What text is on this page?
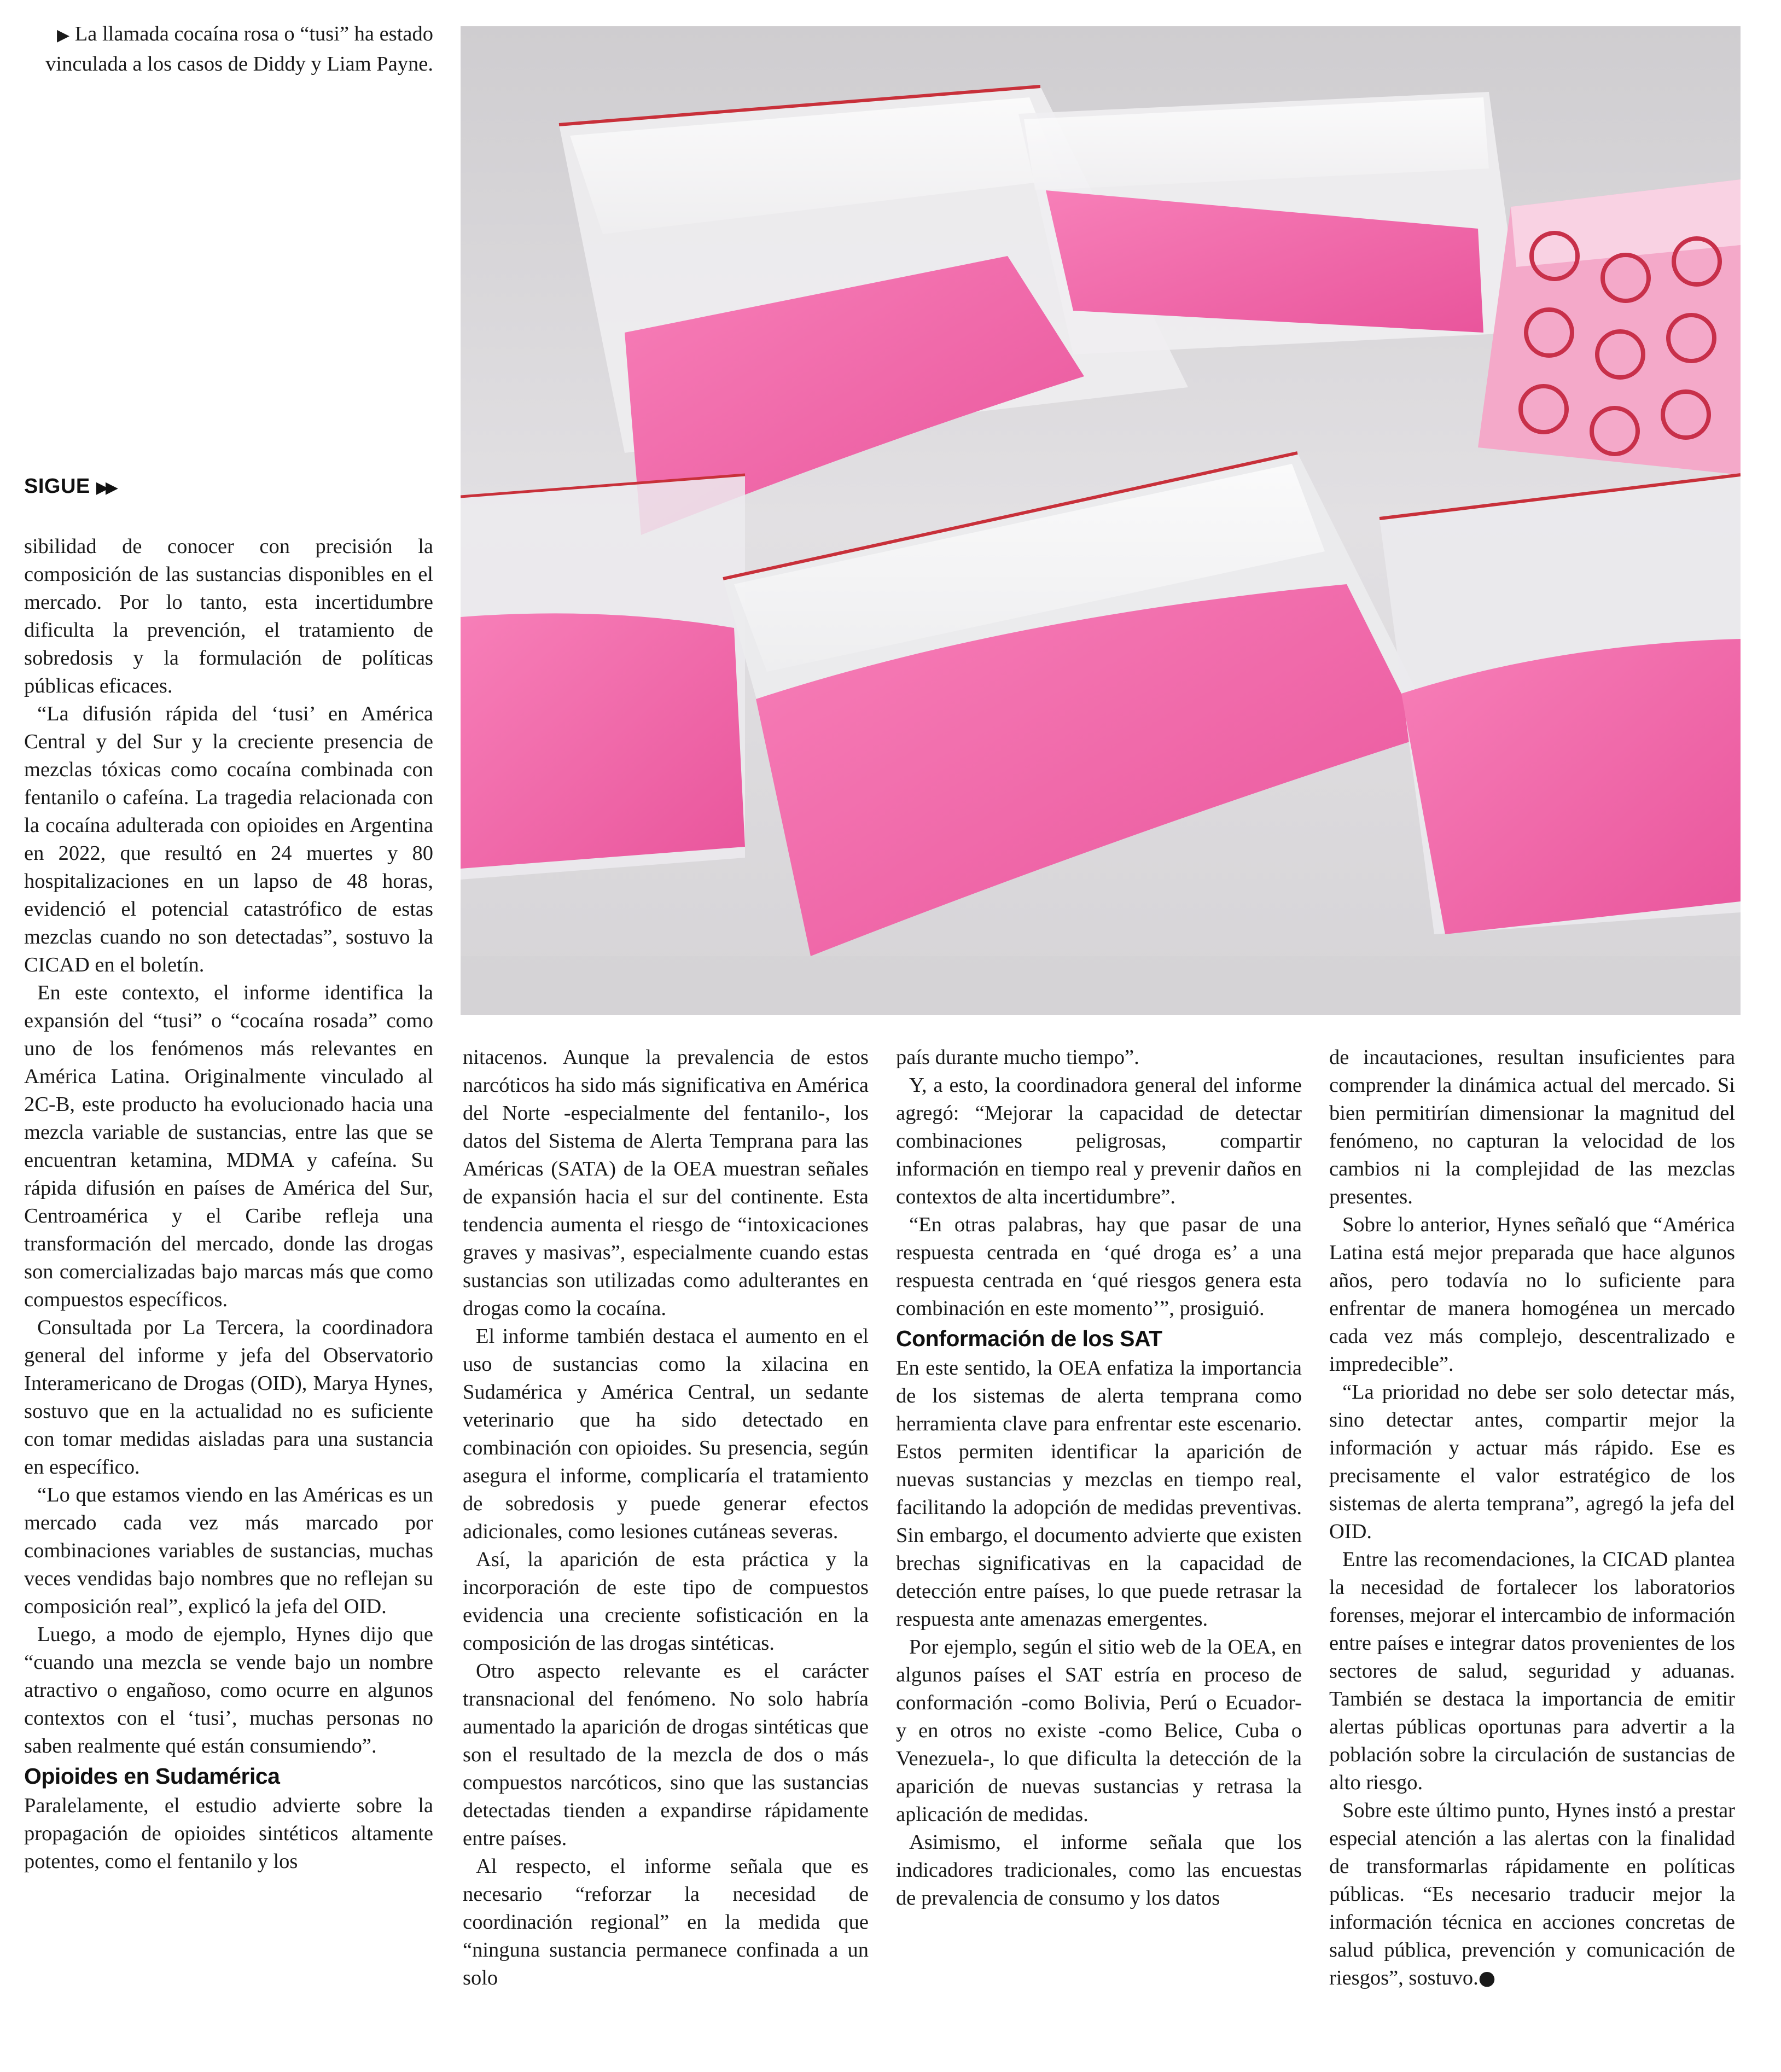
▶ La llamada cocaína rosa o “tusi” ha estado vinculada a los casos de Diddy y Liam Payne.
SIGUE ▶▶

sibilidad de conocer con precisión la composición de las sustancias disponibles en el mercado. Por lo tanto, esta incertidumbre dificulta la prevención, el tratamiento de sobredosis y la formulación de políticas públicas eficaces.

“La difusión rápida del ‘tusi’ en América Central y del Sur y la creciente presencia de mezclas tóxicas como cocaína combinada con fentanilo o cafeína. La tragedia relacionada con la cocaína adulterada con opioides en Argentina en 2022, que resultó en 24 muertes y 80 hospitalizaciones en un lapso de 48 horas, evidenció el potencial catastrófico de estas mezclas cuando no son detectadas”, sostuvo la CICAD en el boletín.

En este contexto, el informe identifica la expansión del “tusi” o “cocaína rosada” como uno de los fenómenos más relevantes en América Latina. Originalmente vinculado al 2C-B, este producto ha evolucionado hacia una mezcla variable de sustancias, entre las que se encuentran ketamina, MDMA y cafeína. Su rápida difusión en países de América del Sur, Centroamérica y el Caribe refleja una transformación del mercado, donde las drogas son comercializadas bajo marcas más que como compuestos específicos.

Consultada por La Tercera, la coordinadora general del informe y jefa del Observatorio Interamericano de Drogas (OID), Marya Hynes, sostuvo que en la actualidad no es suficiente con tomar medidas aisladas para una sustancia en específico.

“Lo que estamos viendo en las Américas es un mercado cada vez más marcado por combinaciones variables de sustancias, muchas veces vendidas bajo nombres que no reflejan su composición real”, explicó la jefa del OID.

Luego, a modo de ejemplo, Hynes dijo que “cuando una mezcla se vende bajo un nombre atractivo o engañoso, como ocurre en algunos contextos con el ‘tusi’, muchas personas no saben realmente qué están consumiendo”.

Opioides en Sudamérica

Paralelamente, el estudio advierte sobre la propagación de opioides sintéticos altamente potentes, como el fentanilo y los

nitacenos. Aunque la prevalencia de estos narcóticos ha sido más significativa en América del Norte -especialmente del fentanilo-, los datos del Sistema de Alerta Temprana para las Américas (SATA) de la OEA muestran señales de expansión hacia el sur del continente. Esta tendencia aumenta el riesgo de “intoxicaciones graves y masivas”, especialmente cuando estas sustancias son utilizadas como adulterantes en drogas como la cocaína.

El informe también destaca el aumento en el uso de sustancias como la xilacina en Sudamérica y América Central, un sedante veterinario que ha sido detectado en combinación con opioides. Su presencia, según asegura el informe, complicaría el tratamiento de sobredosis y puede generar efectos adicionales, como lesiones cutáneas severas.

Así, la aparición de esta práctica y la incorporación de este tipo de compuestos evidencia una creciente sofisticación en la composición de las drogas sintéticas.

Otro aspecto relevante es el carácter transnacional del fenómeno. No solo habría aumentado la aparición de drogas sintéticas que son el resultado de la mezcla de dos o más compuestos narcóticos, sino que las sustancias detectadas tienden a expandirse rápidamente entre países.

Al respecto, el informe señala que es necesario “reforzar la necesidad de coordinación regional” en la medida que “ninguna sustancia permanece confinada a un solo

país durante mucho tiempo”.

Y, a esto, la coordinadora general del informe agregó: “Mejorar la capacidad de detectar combinaciones peligrosas, compartir información en tiempo real y prevenir daños en contextos de alta incertidumbre”.

“En otras palabras, hay que pasar de una respuesta centrada en ‘qué droga es’ a una respuesta centrada en ‘qué riesgos genera esta combinación en este momento’”, prosiguió.

Conformación de los SAT

En este sentido, la OEA enfatiza la importancia de los sistemas de alerta temprana como herramienta clave para enfrentar este escenario. Estos permiten identificar la aparición de nuevas sustancias y mezclas en tiempo real, facilitando la adopción de medidas preventivas. Sin embargo, el documento advierte que existen brechas significativas en la capacidad de detección entre países, lo que puede retrasar la respuesta ante amenazas emergentes.

Por ejemplo, según el sitio web de la OEA, en algunos países el SAT estría en proceso de conformación -como Bolivia, Perú o Ecuador- y en otros no existe -como Belice, Cuba o Venezuela-, lo que dificulta la detección de la aparición de nuevas sustancias y retrasa la aplicación de medidas.

Asimismo, el informe señala que los indicadores tradicionales, como las encuestas de prevalencia de consumo y los datos

de incautaciones, resultan insuficientes para comprender la dinámica actual del mercado. Si bien permitirían dimensionar la magnitud del fenómeno, no capturan la velocidad de los cambios ni la complejidad de las mezclas presentes.

Sobre lo anterior, Hynes señaló que “América Latina está mejor preparada que hace algunos años, pero todavía no lo suficiente para enfrentar de manera homogénea un mercado cada vez más complejo, descentralizado e impredecible”.

“La prioridad no debe ser solo detectar más, sino detectar antes, compartir mejor la información y actuar más rápido. Ese es precisamente el valor estratégico de los sistemas de alerta temprana”, agregó la jefa del OID.

Entre las recomendaciones, la CICAD plantea la necesidad de fortalecer los laboratorios forenses, mejorar el intercambio de información entre países e integrar datos provenientes de los sectores de salud, seguridad y aduanas. También se destaca la importancia de emitir alertas públicas oportunas para advertir a la población sobre la circulación de sustancias de alto riesgo.

Sobre este último punto, Hynes instó a prestar especial atención a las alertas con la finalidad de transformarlas rápidamente en políticas públicas. “Es necesario traducir mejor la información técnica en acciones concretas de salud pública, prevención y comunicación de riesgos”, sostuvo.●
